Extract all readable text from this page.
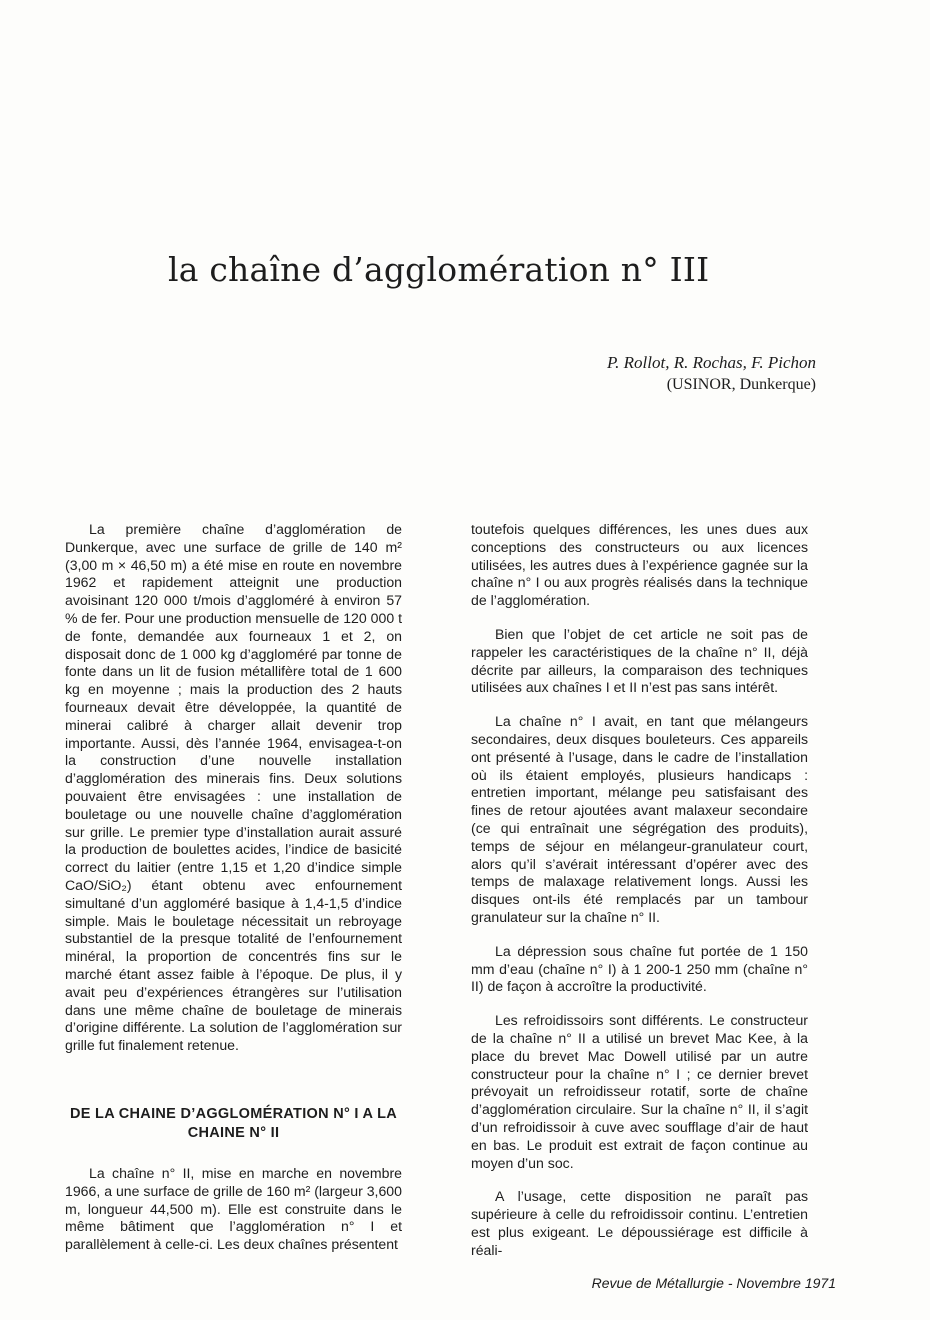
la chaîne d’agglomération n° III
P. Rollot, R. Rochas, F. Pichon
(USINOR, Dunkerque)

La première chaîne d’agglomération de Dunkerque, avec une surface de grille de 140 m² (3,00 m × 46,50 m) a été mise en route en novembre 1962 et rapidement atteignit une production avoisinant 120 000 t/mois d’aggloméré à environ 57 % de fer. Pour une production mensuelle de 120 000 t de fonte, demandée aux fourneaux 1 et 2, on disposait donc de 1 000 kg d’aggloméré par tonne de fonte dans un lit de fusion métallifère total de 1 600 kg en moyenne ; mais la production des 2 hauts fourneaux devait être développée, la quantité de minerai calibré à charger allait devenir trop importante. Aussi, dès l’année 1964, envisagea-t-on la construction d’une nouvelle installation d’agglomération des minerais fins. Deux solutions pouvaient être envisagées : une installation de bouletage ou une nouvelle chaîne d’agglomération sur grille. Le premier type d’installation aurait assuré la production de boulettes acides, l’indice de basicité correct du laitier (entre 1,15 et 1,20 d’indice simple CaO/SiO₂) étant obtenu avec enfournement simultané d’un aggloméré basique à 1,4-1,5 d’indice simple. Mais le bouletage nécessitait un rebroyage substantiel de la presque totalité de l’enfournement minéral, la proportion de concentrés fins sur le marché étant assez faible à l’époque. De plus, il y avait peu d’expériences étrangères sur l’utilisation dans une même chaîne de bouletage de minerais d’origine différente. La solution de l’agglomération sur grille fut finalement retenue.

DE LA CHAINE D’AGGLOMÉRATION N° I A LA CHAINE N° II

La chaîne n° II, mise en marche en novembre 1966, a une surface de grille de 160 m² (largeur 3,600 m, longueur 44,500 m). Elle est construite dans le même bâtiment que l’agglomération n° I et parallèlement à celle-ci. Les deux chaînes présentent

toutefois quelques différences, les unes dues aux conceptions des constructeurs ou aux licences utilisées, les autres dues à l’expérience gagnée sur la chaîne n° I ou aux progrès réalisés dans la technique de l’agglomération.

Bien que l’objet de cet article ne soit pas de rappeler les caractéristiques de la chaîne n° II, déjà décrite par ailleurs, la comparaison des techniques utilisées aux chaînes I et II n’est pas sans intérêt.

La chaîne n° I avait, en tant que mélangeurs secondaires, deux disques bouleteurs. Ces appareils ont présenté à l’usage, dans le cadre de l’installation où ils étaient employés, plusieurs handicaps : entretien important, mélange peu satisfaisant des fines de retour ajoutées avant malaxeur secondaire (ce qui entraînait une ségrégation des produits), temps de séjour en mélangeur-granulateur court, alors qu’il s’avérait intéressant d’opérer avec des temps de malaxage relativement longs. Aussi les disques ont-ils été remplacés par un tambour granulateur sur la chaîne n° II.

La dépression sous chaîne fut portée de 1 150 mm d’eau (chaîne n° I) à 1 200-1 250 mm (chaîne n° II) de façon à accroître la productivité.

Les refroidissoirs sont différents. Le constructeur de la chaîne n° II a utilisé un brevet Mac Kee, à la place du brevet Mac Dowell utilisé par un autre constructeur pour la chaîne n° I ; ce dernier brevet prévoyait un refroidisseur rotatif, sorte de chaîne d’agglomération circulaire. Sur la chaîne n° II, il s’agit d’un refroidissoir à cuve avec soufflage d’air de haut en bas. Le produit est extrait de façon continue au moyen d’un soc.

A l’usage, cette disposition ne paraît pas supérieure à celle du refroidissoir continu. L’entretien est plus exigeant. Le dépoussiérage est difficile à réali-

Revue de Métallurgie - Novembre 1971
